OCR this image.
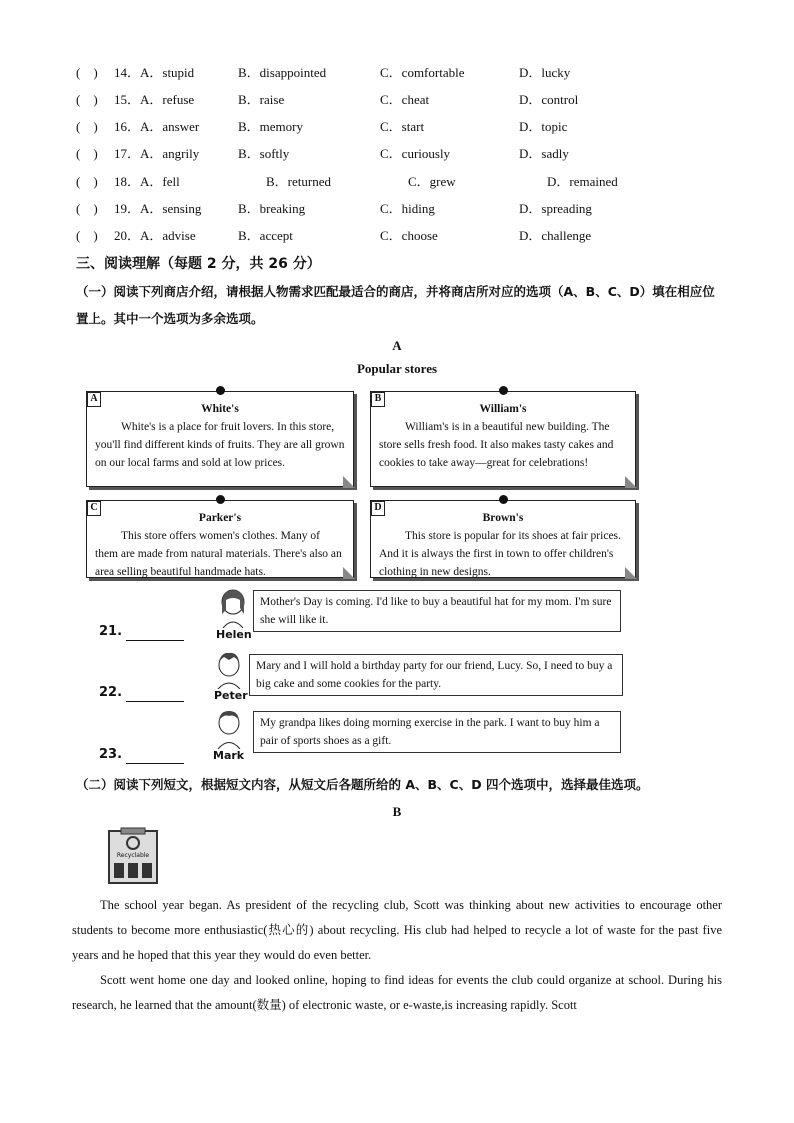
(　) 14．A．stupid	B．disappointed	C．comfortable	D．lucky
(　) 15．A．refuse	B．raise	C．cheat	D．control
(　) 16．A．answer	B．memory	C．start	D．topic
(　) 17．A．angrily	B．softly	C．curiously	D．sadly
(　) 18．A．fell	B．returned	C．grew	D．remained
(　) 19．A．sensing	B．breaking	C．hiding	D．spreading
(　) 20．A．advise	B．accept	C．choose	D．challenge
三、阅读理解（每题 2 分，共 26 分）
（一）阅读下列商店介绍，请根据人物需求匹配最适合的商店，并将商店所对应的选项（A、B、C、D）填在相应位置上。其中一个选项为多余选项。
A
Popular stores
A
White's
White's is a place for fruit lovers. In this store, you'll find different kinds of fruits. They are all grown on our local farms and sold at low prices.
B
William's
William's is in a beautiful new building. The store sells fresh food. It also makes tasty cakes and cookies to take away—great for celebrations!
C
Parker's
This store offers women's clothes. Many of them are made from natural materials. There's also an area selling beautiful handmade hats.
D
Brown's
This store is popular for its shoes at fair prices. And it is always the first in town to offer children's clothing in new designs.
21.	Helen
Mother's Day is coming. I'd like to buy a beautiful hat for my mom. I'm sure she will like it.
22.	Peter
Mary and I will hold a birthday party for our friend, Lucy. So, I need to buy a big cake and some cookies for the party.
23.	Mark
My grandpa likes doing morning exercise in the park. I want to buy him a pair of sports shoes as a gift.
（二）阅读下列短文，根据短文内容，从短文后各题所给的 A、B、C、D 四个选项中，选择最佳选项。
B
Recyclable
The school year began. As president of the recycling club, Scott was thinking about new activities to encourage other students to become more enthusiastic(热心的) about recycling. His club had helped to recycle a lot of waste for the past five years and he hoped that this year they would do even better.
Scott went home one day and looked online, hoping to find ideas for events the club could organize at school. During his research, he learned that the amount(数量) of electronic waste, or e-waste,is increasing rapidly. Scott
